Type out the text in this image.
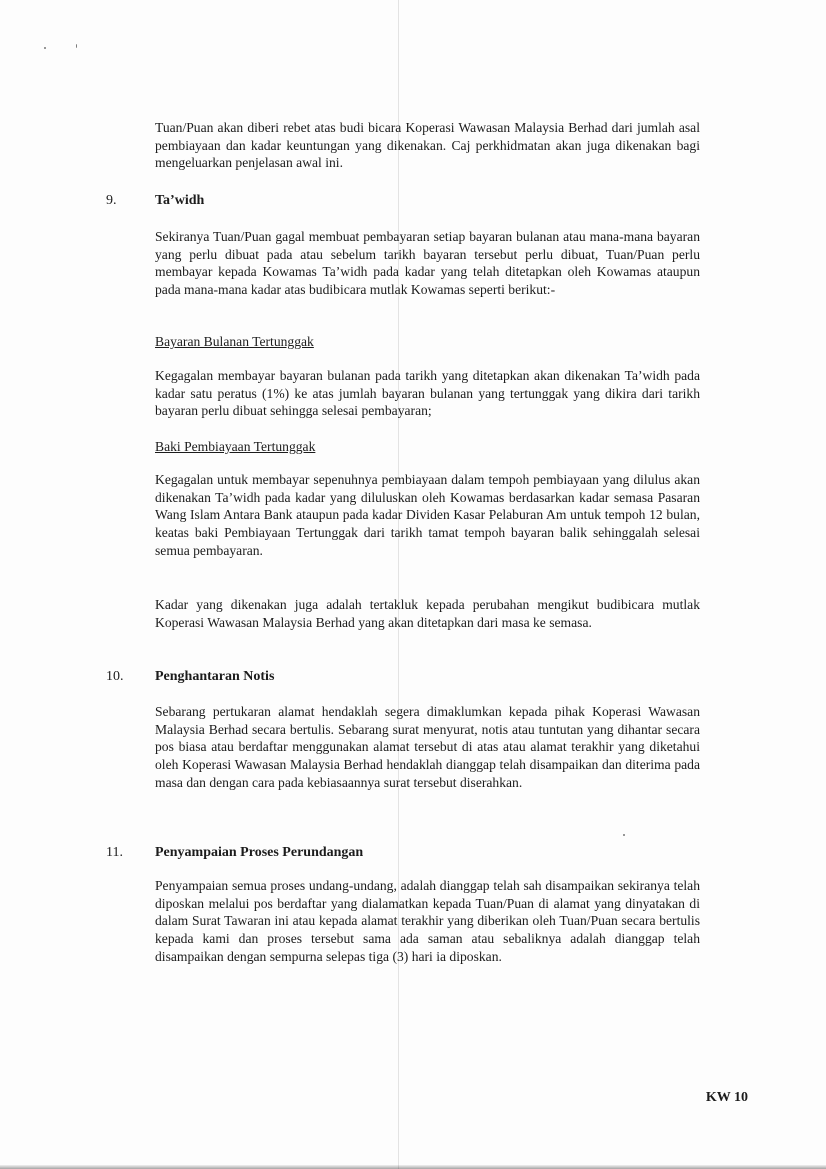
Tuan/Puan akan diberi rebet atas budi bicara Koperasi Wawasan Malaysia Berhad dari jumlah asal pembiayaan dan kadar keuntungan yang dikenakan. Caj perkhidmatan akan juga dikenakan bagi mengeluarkan penjelasan awal ini.

9.	Ta’widh

Sekiranya Tuan/Puan gagal membuat pembayaran setiap bayaran bulanan atau mana-mana bayaran yang perlu dibuat pada atau sebelum tarikh bayaran tersebut perlu dibuat, Tuan/Puan perlu membayar kepada Kowamas Ta’widh pada kadar yang telah ditetapkan oleh Kowamas ataupun pada mana-mana kadar atas budibicara mutlak Kowamas seperti berikut:-

Bayaran Bulanan Tertunggak

Kegagalan membayar bayaran bulanan pada tarikh yang ditetapkan akan dikenakan Ta’widh pada kadar satu peratus (1%) ke atas jumlah bayaran bulanan yang tertunggak yang dikira dari tarikh bayaran perlu dibuat sehingga selesai pembayaran;

Baki Pembiayaan Tertunggak

Kegagalan untuk membayar sepenuhnya pembiayaan dalam tempoh pembiayaan yang dilulus akan dikenakan Ta’widh pada kadar yang diluluskan oleh Kowamas berdasarkan kadar semasa Pasaran Wang Islam Antara Bank ataupun pada kadar Dividen Kasar Pelaburan Am untuk tempoh 12 bulan, keatas baki Pembiayaan Tertunggak dari tarikh tamat tempoh bayaran balik sehinggalah selesai semua pembayaran.

Kadar yang dikenakan juga adalah tertakluk kepada perubahan mengikut budibicara mutlak Koperasi Wawasan Malaysia Berhad yang akan ditetapkan dari masa ke semasa.

10. Penghantaran Notis

Sebarang pertukaran alamat hendaklah segera dimaklumkan kepada pihak Koperasi Wawasan Malaysia Berhad secara bertulis. Sebarang surat menyurat, notis atau tuntutan yang dihantar secara pos biasa atau berdaftar menggunakan alamat tersebut di atas atau alamat terakhir yang diketahui oleh Koperasi Wawasan Malaysia Berhad hendaklah dianggap telah disampaikan dan diterima pada masa dan dengan cara pada kebiasaannya surat tersebut diserahkan.

11. Penyampaian Proses Perundangan

Penyampaian semua proses undang-undang, adalah dianggap telah sah disampaikan sekiranya telah diposkan melalui pos berdaftar yang dialamatkan kepada Tuan/Puan di alamat yang dinyatakan di dalam Surat Tawaran ini atau kepada alamat terakhir yang diberikan oleh Tuan/Puan secara bertulis kepada kami dan proses tersebut sama ada saman atau sebaliknya adalah dianggap telah disampaikan dengan sempurna selepas tiga (3) hari ia diposkan.

KW 10
